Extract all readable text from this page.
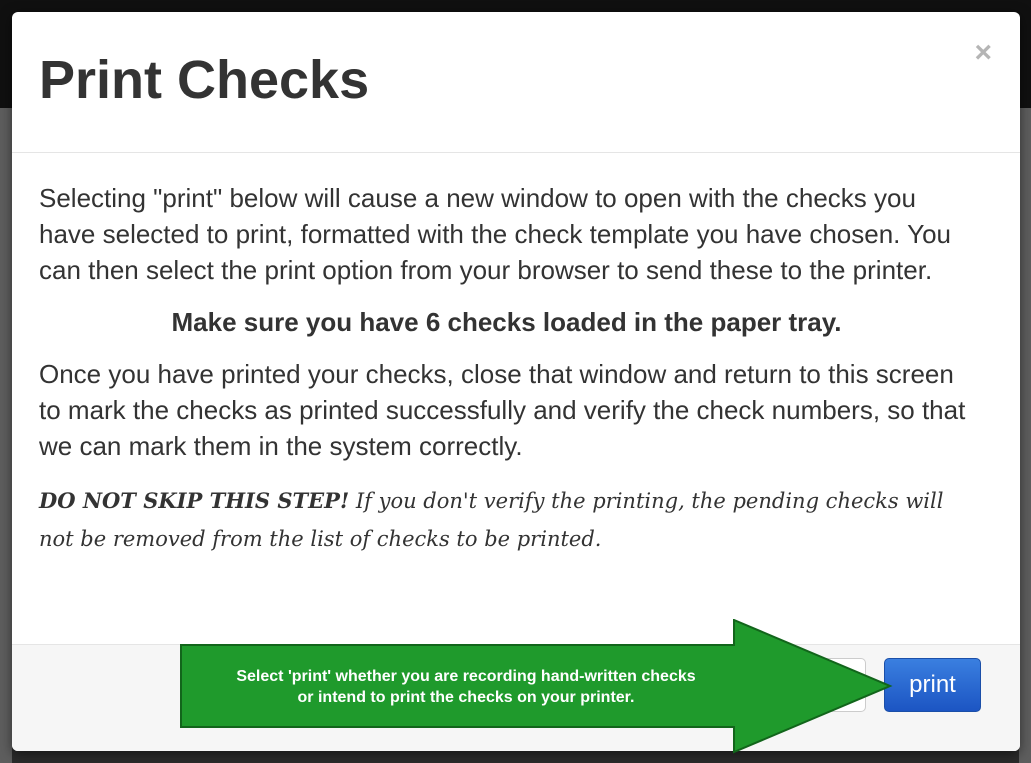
Print Checks	×

Selecting "print" below will cause a new window to open with the checks you have selected to print, formatted with the check template you have chosen. You can then select the print option from your browser to send these to the printer.

Make sure you have 6 checks loaded in the paper tray.

Once you have printed your checks, close that window and return to this screen to mark the checks as printed successfully and verify the check numbers, so that we can mark them in the system correctly.

DO NOT SKIP THIS STEP! If you don't verify the printing, the pending checks will not be removed from the list of checks to be printed.

print
Select 'print' whether you are recording hand-written checks
or intend to print the checks on your printer.
